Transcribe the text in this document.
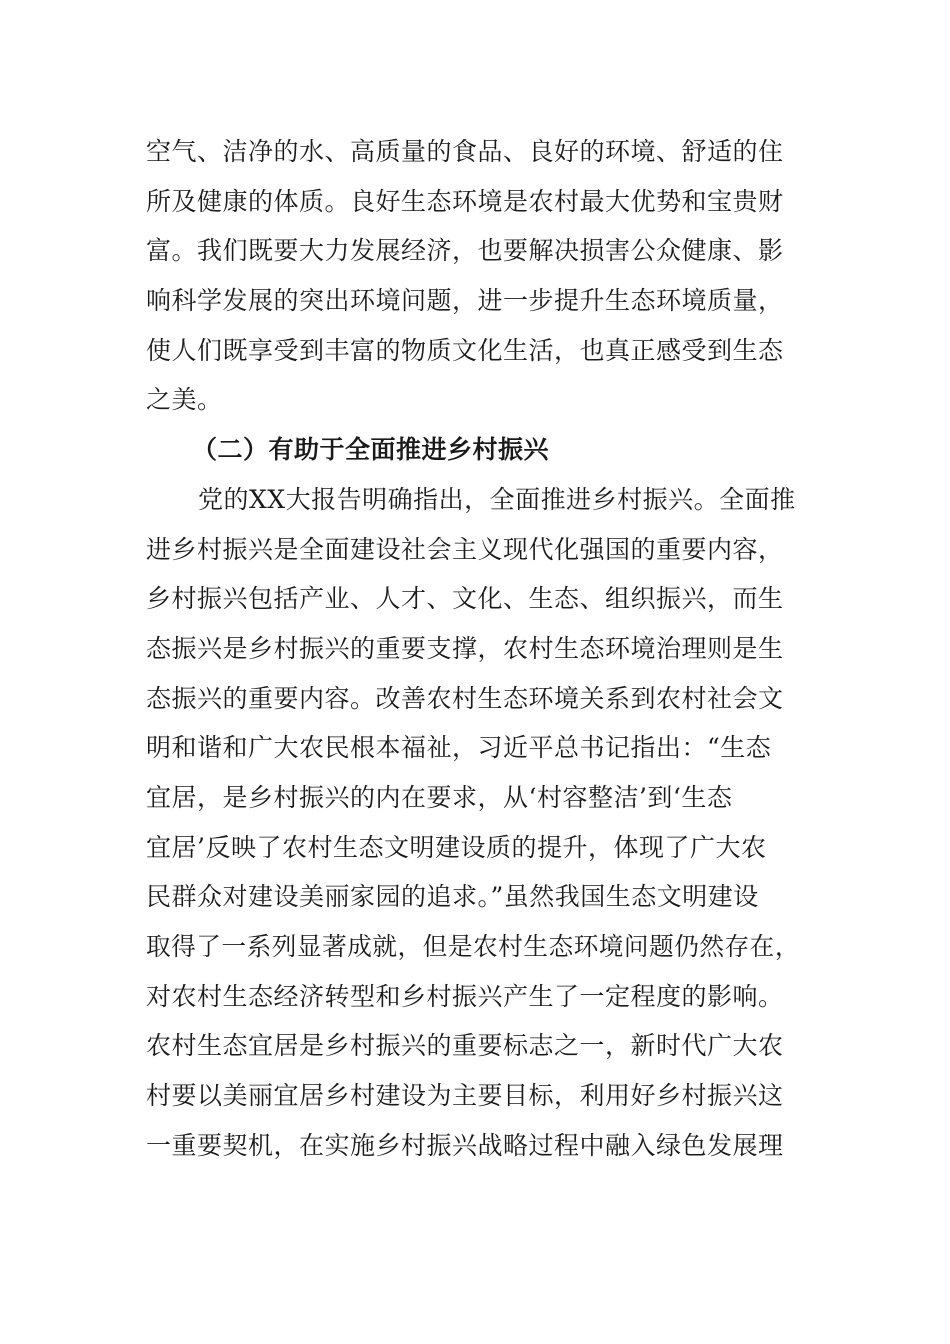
空气、洁净的水、高质量的食品、良好的环境、舒适的住
所及健康的体质。良好生态环境是农村最大优势和宝贵财
富。我们既要大力发展经济，也要解决损害公众健康、影
响科学发展的突出环境问题，进一步提升生态环境质量，
使人们既享受到丰富的物质文化生活，也真正感受到生态
之美。
（二）有助于全面推进乡村振兴
党的XX大报告明确指出，全面推进乡村振兴。全面推
进乡村振兴是全面建设社会主义现代化强国的重要内容，
乡村振兴包括产业、人才、文化、生态、组织振兴，而生
态振兴是乡村振兴的重要支撑，农村生态环境治理则是生
态振兴的重要内容。改善农村生态环境关系到农村社会文
明和谐和广大农民根本福祉，习近平总书记指出：“生态
宜居，是乡村振兴的内在要求，从‘村容整洁’到‘生态
宜居’反映了农村生态文明建设质的提升，体现了广大农
民群众对建设美丽家园的追求。”虽然我国生态文明建设
取得了一系列显著成就，但是农村生态环境问题仍然存在，
对农村生态经济转型和乡村振兴产生了一定程度的影响。
农村生态宜居是乡村振兴的重要标志之一，新时代广大农
村要以美丽宜居乡村建设为主要目标，利用好乡村振兴这
一重要契机，在实施乡村振兴战略过程中融入绿色发展理
